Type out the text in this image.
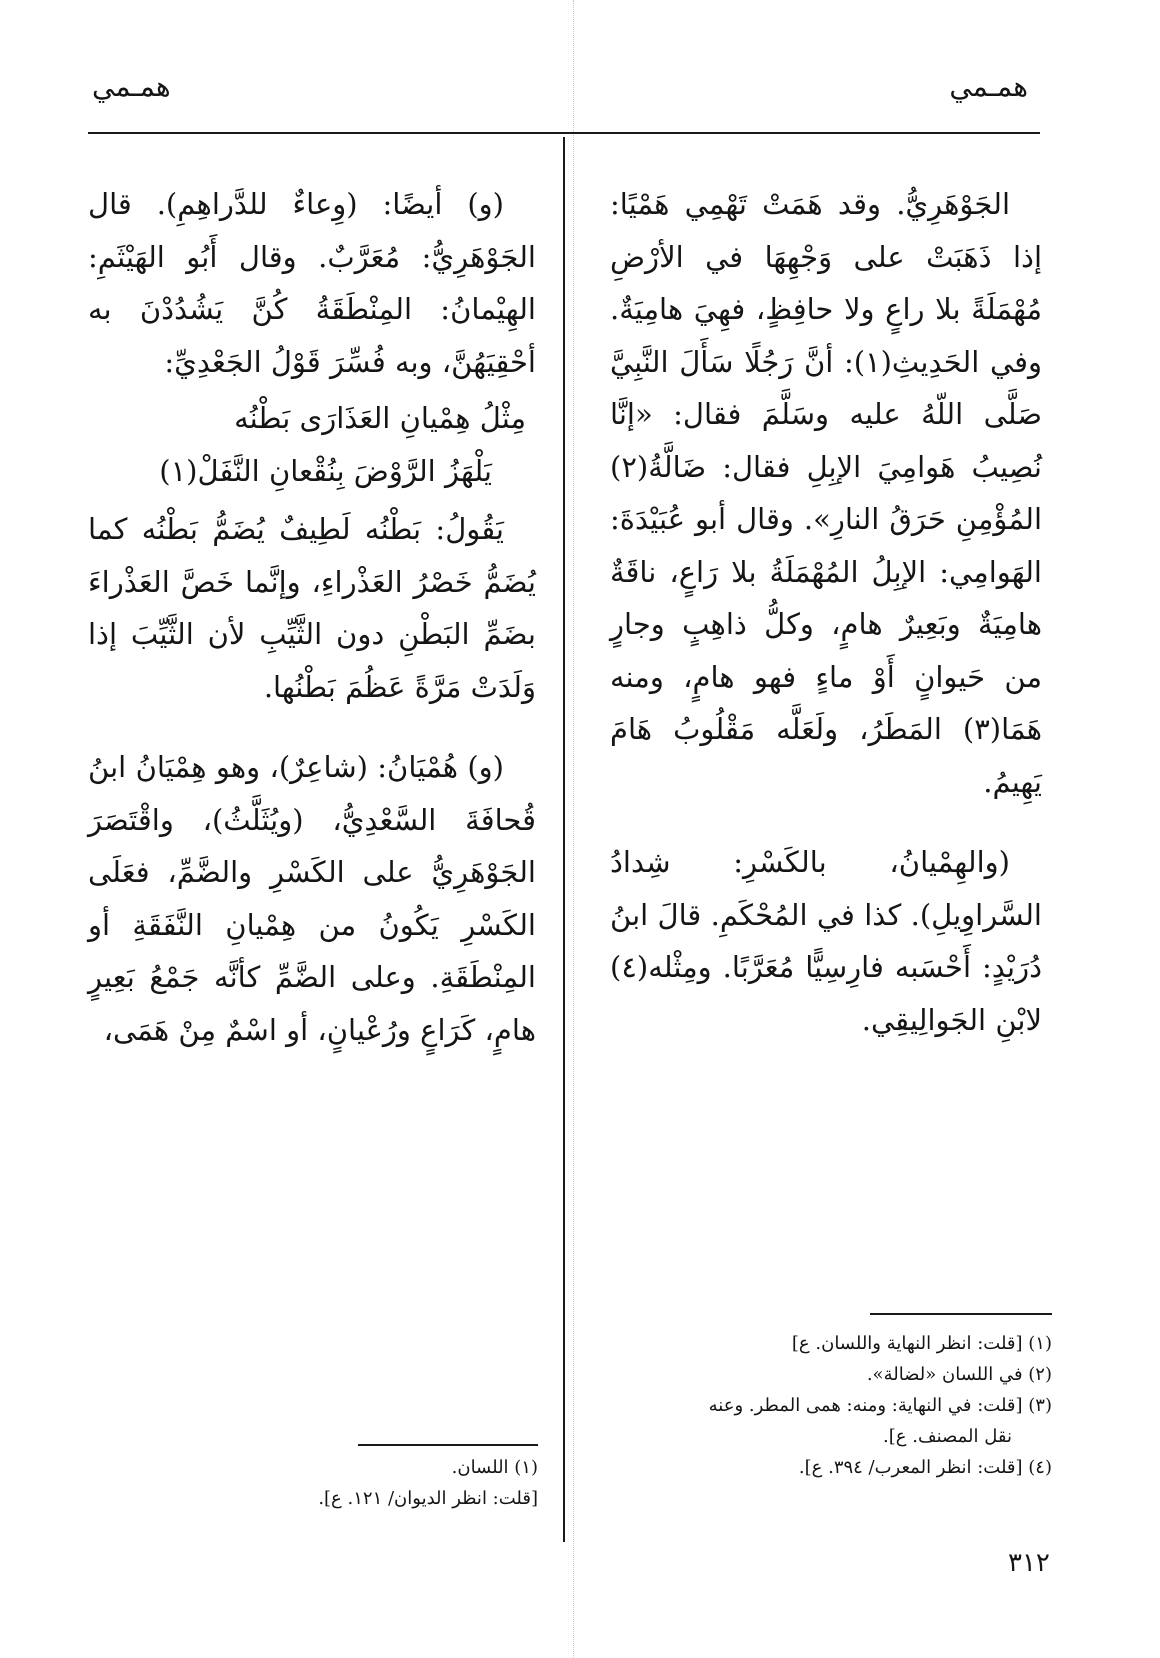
همـمي
همـمي

الجَوْهَرِيُّ. وقد هَمَتْ تَهْمِي هَمْيًا: إذا ذَهَبَتْ على وَجْهِهَا في الأرْضِ مُهْمَلَةً بلا راعٍ ولا حافِظٍ، فهِيَ هامِيَةٌ. وفي الحَدِيثِ(١): أنَّ رَجُلًا سَأَلَ النَّبِيَّ صَلَّى اللّهُ عليه وسَلَّمَ فقال: «إنَّا نُصِيبُ هَوامِيَ الإبِلِ فقال: ضَالَّةُ(٢) المُؤْمِنِ حَرَقُ النارِ». وقال أبو عُبَيْدَةَ: الهَوامِي: الإبِلُ المُهْمَلَةُ بلا رَاعٍ، ناقَةٌ هامِيَةٌ وبَعِيرٌ هامٍ، وكلُّ ذاهِبٍ وجارٍ من حَيوانٍ أَوْ ماءٍ فهو هامٍ، ومنه هَمَا(٣) المَطَرُ، ولَعَلَّه مَقْلُوبُ هَامَ يَهِيمُ.

(والهِمْيانُ، بالكَسْرِ: شِدادُ السَّراوِيلِ). كذا في المُحْكَمِ. قالَ ابنُ دُرَيْدٍ: أَحْسَبه فارِسِيًّا مُعَرَّبًا. ومِثْله(٤) لابْنِ الجَوالِيقِي.

(و) أيضًا: (وِعاءٌ للدَّراهِمِ). قال الجَوْهَرِيُّ: مُعَرَّبٌ. وقال أَبُو الهَيْثَمِ: الهِيْمانُ: المِنْطَقَةُ كُنَّ يَشُدُدْنَ به أحْقِيَهُنَّ، وبه فُسِّرَ قَوْلُ الجَعْدِيِّ:

مِثْلُ هِمْيانِ العَذَارَى بَطْنُه

يَلْهَزُ الرَّوْضَ بِنُقْعانِ النَّفَلْ(١)

يَقُولُ: بَطْنُه لَطِيفٌ يُضَمُّ بَطْنُه كما يُضَمُّ خَصْرُ العَذْراءِ، وإنَّما خَصَّ العَذْراءَ بضَمِّ البَطْنِ دون الثَّيِّبِ لأن الثَّيِّبَ إذا وَلَدَتْ مَرَّةً عَظُمَ بَطْنُها.

(و) هُمْيَانُ: (شاعِرٌ)، وهو هِمْيَانُ ابنُ قُحافَةَ السَّعْدِيُّ، (ويُثَلَّثُ)، واقْتَصَرَ الجَوْهَرِيُّ على الكَسْرِ والضَّمِّ، فعَلَى الكَسْرِ يَكُونُ من هِمْيانِ النَّفَقَةِ أو المِنْطَقَةِ. وعلى الضَّمِّ كأنَّه جَمْعُ بَعِيرٍ هامٍ، كَرَاعٍ ورُعْيانٍ، أو اسْمٌ مِنْ هَمَى،

(١) [قلت: انظر النهاية واللسان. ع]
(٢) في اللسان «لضالة».
(٣) [قلت: في النهاية: ومنه: همى المطر. وعنه
نقل المصنف. ع].
(٤) [قلت: انظر المعرب/ ٣٩٤. ع].
(١) اللسان.
[قلت: انظر الديوان/ ١٢١. ع].
٣١٢
